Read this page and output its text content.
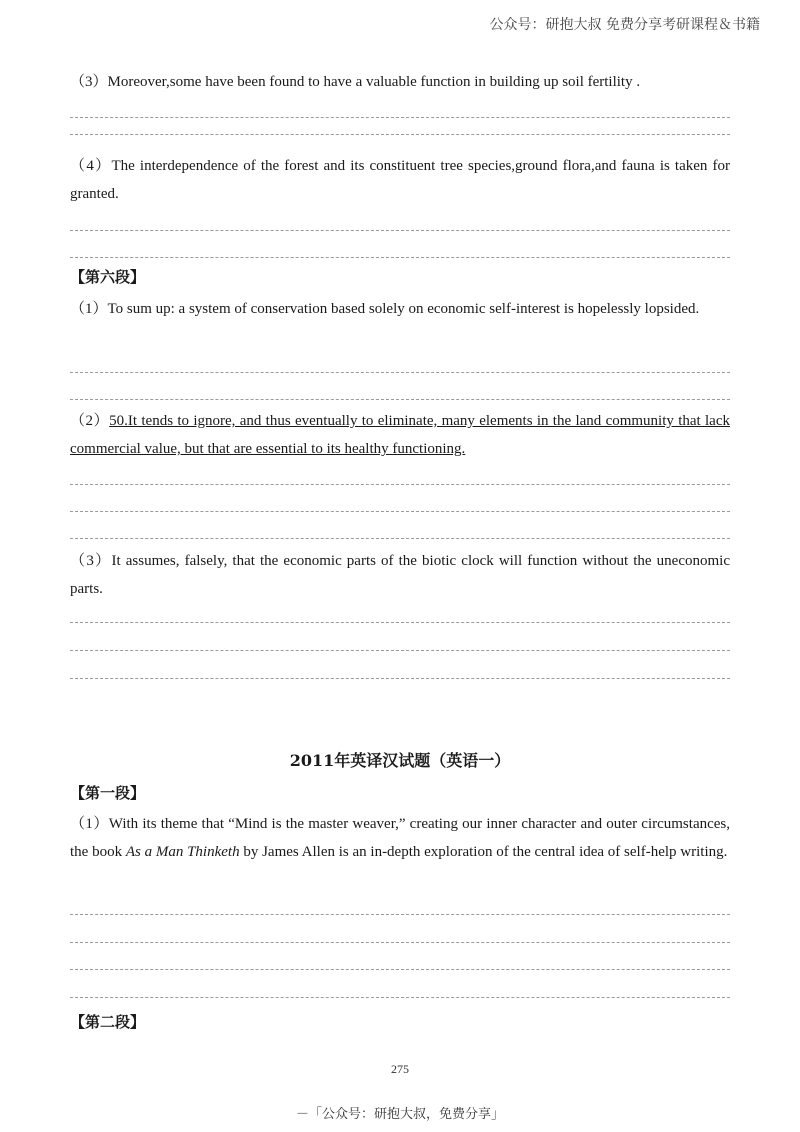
公众号：研抱大叔 免费分享考研课程＆书籍
（3）Moreover,some have been found to have a valuable function in building up soil fertility .
（4）The interdependence of the forest and its constituent tree species,ground flora,and fauna is taken for granted.
【第六段】
（1）To sum up: a system of conservation based solely on economic self-interest is hopelessly lopsided.
（2）50.It tends to ignore, and thus eventually to eliminate, many elements in the land community that lack commercial value, but that are essential to its healthy functioning.
（3）It assumes, falsely, that the economic parts of the biotic clock will function without the uneconomic parts.
2011年英译汉试题（英语一）
【第一段】
（1）With its theme that “Mind is the master weaver,” creating our inner character and outer circumstances, the book As a Man Thinketh by James Allen is an in-depth exploration of the central idea of self-help writing.
【第二段】
275
－「公众号：研抱大叔，免费分享」
